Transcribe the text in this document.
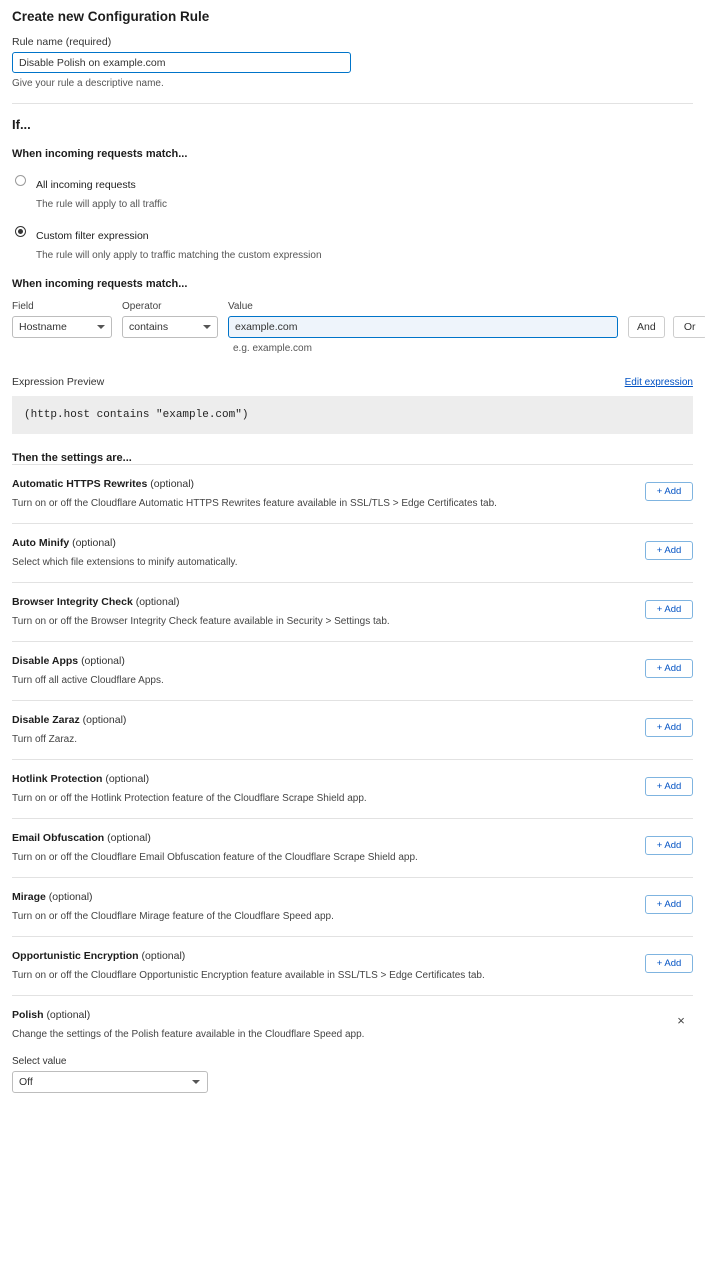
Create new Configuration Rule
Rule name (required)
Disable Polish on example.com
Give your rule a descriptive name.
If...
When incoming requests match...
All incoming requests
The rule will apply to all traffic
Custom filter expression
The rule will only apply to traffic matching the custom expression
When incoming requests match...
Field
Hostname
Operator
contains
Value
example.com
And	Or
e.g. example.com
Expression Preview	Edit expression
(http.host contains "example.com")
Then the settings are...
Automatic HTTPS Rewrites (optional)
Turn on or off the Cloudflare Automatic HTTPS Rewrites feature available in SSL/TLS > Edge Certificates tab.
+ Add
Auto Minify (optional)
Select which file extensions to minify automatically.
+ Add
Browser Integrity Check (optional)
Turn on or off the Browser Integrity Check feature available in Security > Settings tab.
+ Add
Disable Apps (optional)
Turn off all active Cloudflare Apps.
+ Add
Disable Zaraz (optional)
Turn off Zaraz.
+ Add
Hotlink Protection (optional)
Turn on or off the Hotlink Protection feature of the Cloudflare Scrape Shield app.
+ Add
Email Obfuscation (optional)
Turn on or off the Cloudflare Email Obfuscation feature of the Cloudflare Scrape Shield app.
+ Add
Mirage (optional)
Turn on or off the Cloudflare Mirage feature of the Cloudflare Speed app.
+ Add
Opportunistic Encryption (optional)
Turn on or off the Cloudflare Opportunistic Encryption feature available in SSL/TLS > Edge Certificates tab.
+ Add
Polish (optional)
Change the settings of the Polish feature available in the Cloudflare Speed app.
Select value
Off
×
